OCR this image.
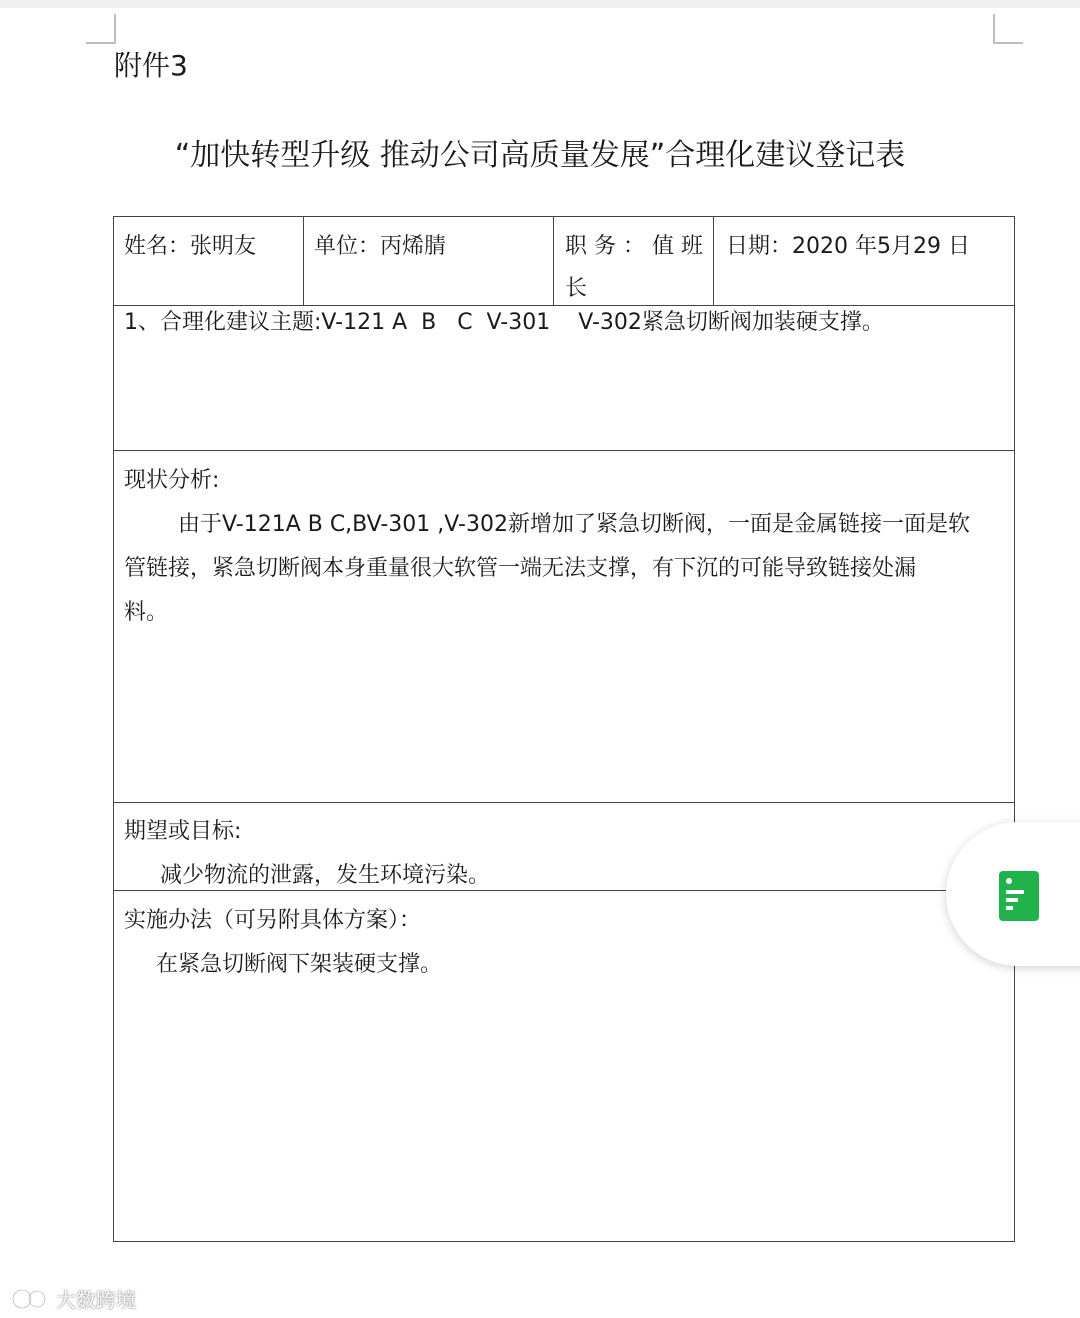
附件3
“加快转型升级 推动公司高质量发展”合理化建议登记表
姓名：张明友	单位：丙烯腈	职 务 ： 值 班
长
日期：2020 年5月29 日
1、合理化建议主题:V-121 A  B   C  V-301    V-302紧急切断阀加装硬支撑。
现状分析:
由于V-121A B C,BV-301 ,V-302新增加了紧急切断阀，一面是金属链接一面是软
管链接，紧急切断阀本身重量很大软管一端无法支撑，有下沉的可能导致链接处漏
料。
期望或目标:
减少物流的泄露，发生环境污染。
实施办法（可另附具体方案）：
在紧急切断阀下架装硬支撑。
大数跨境
